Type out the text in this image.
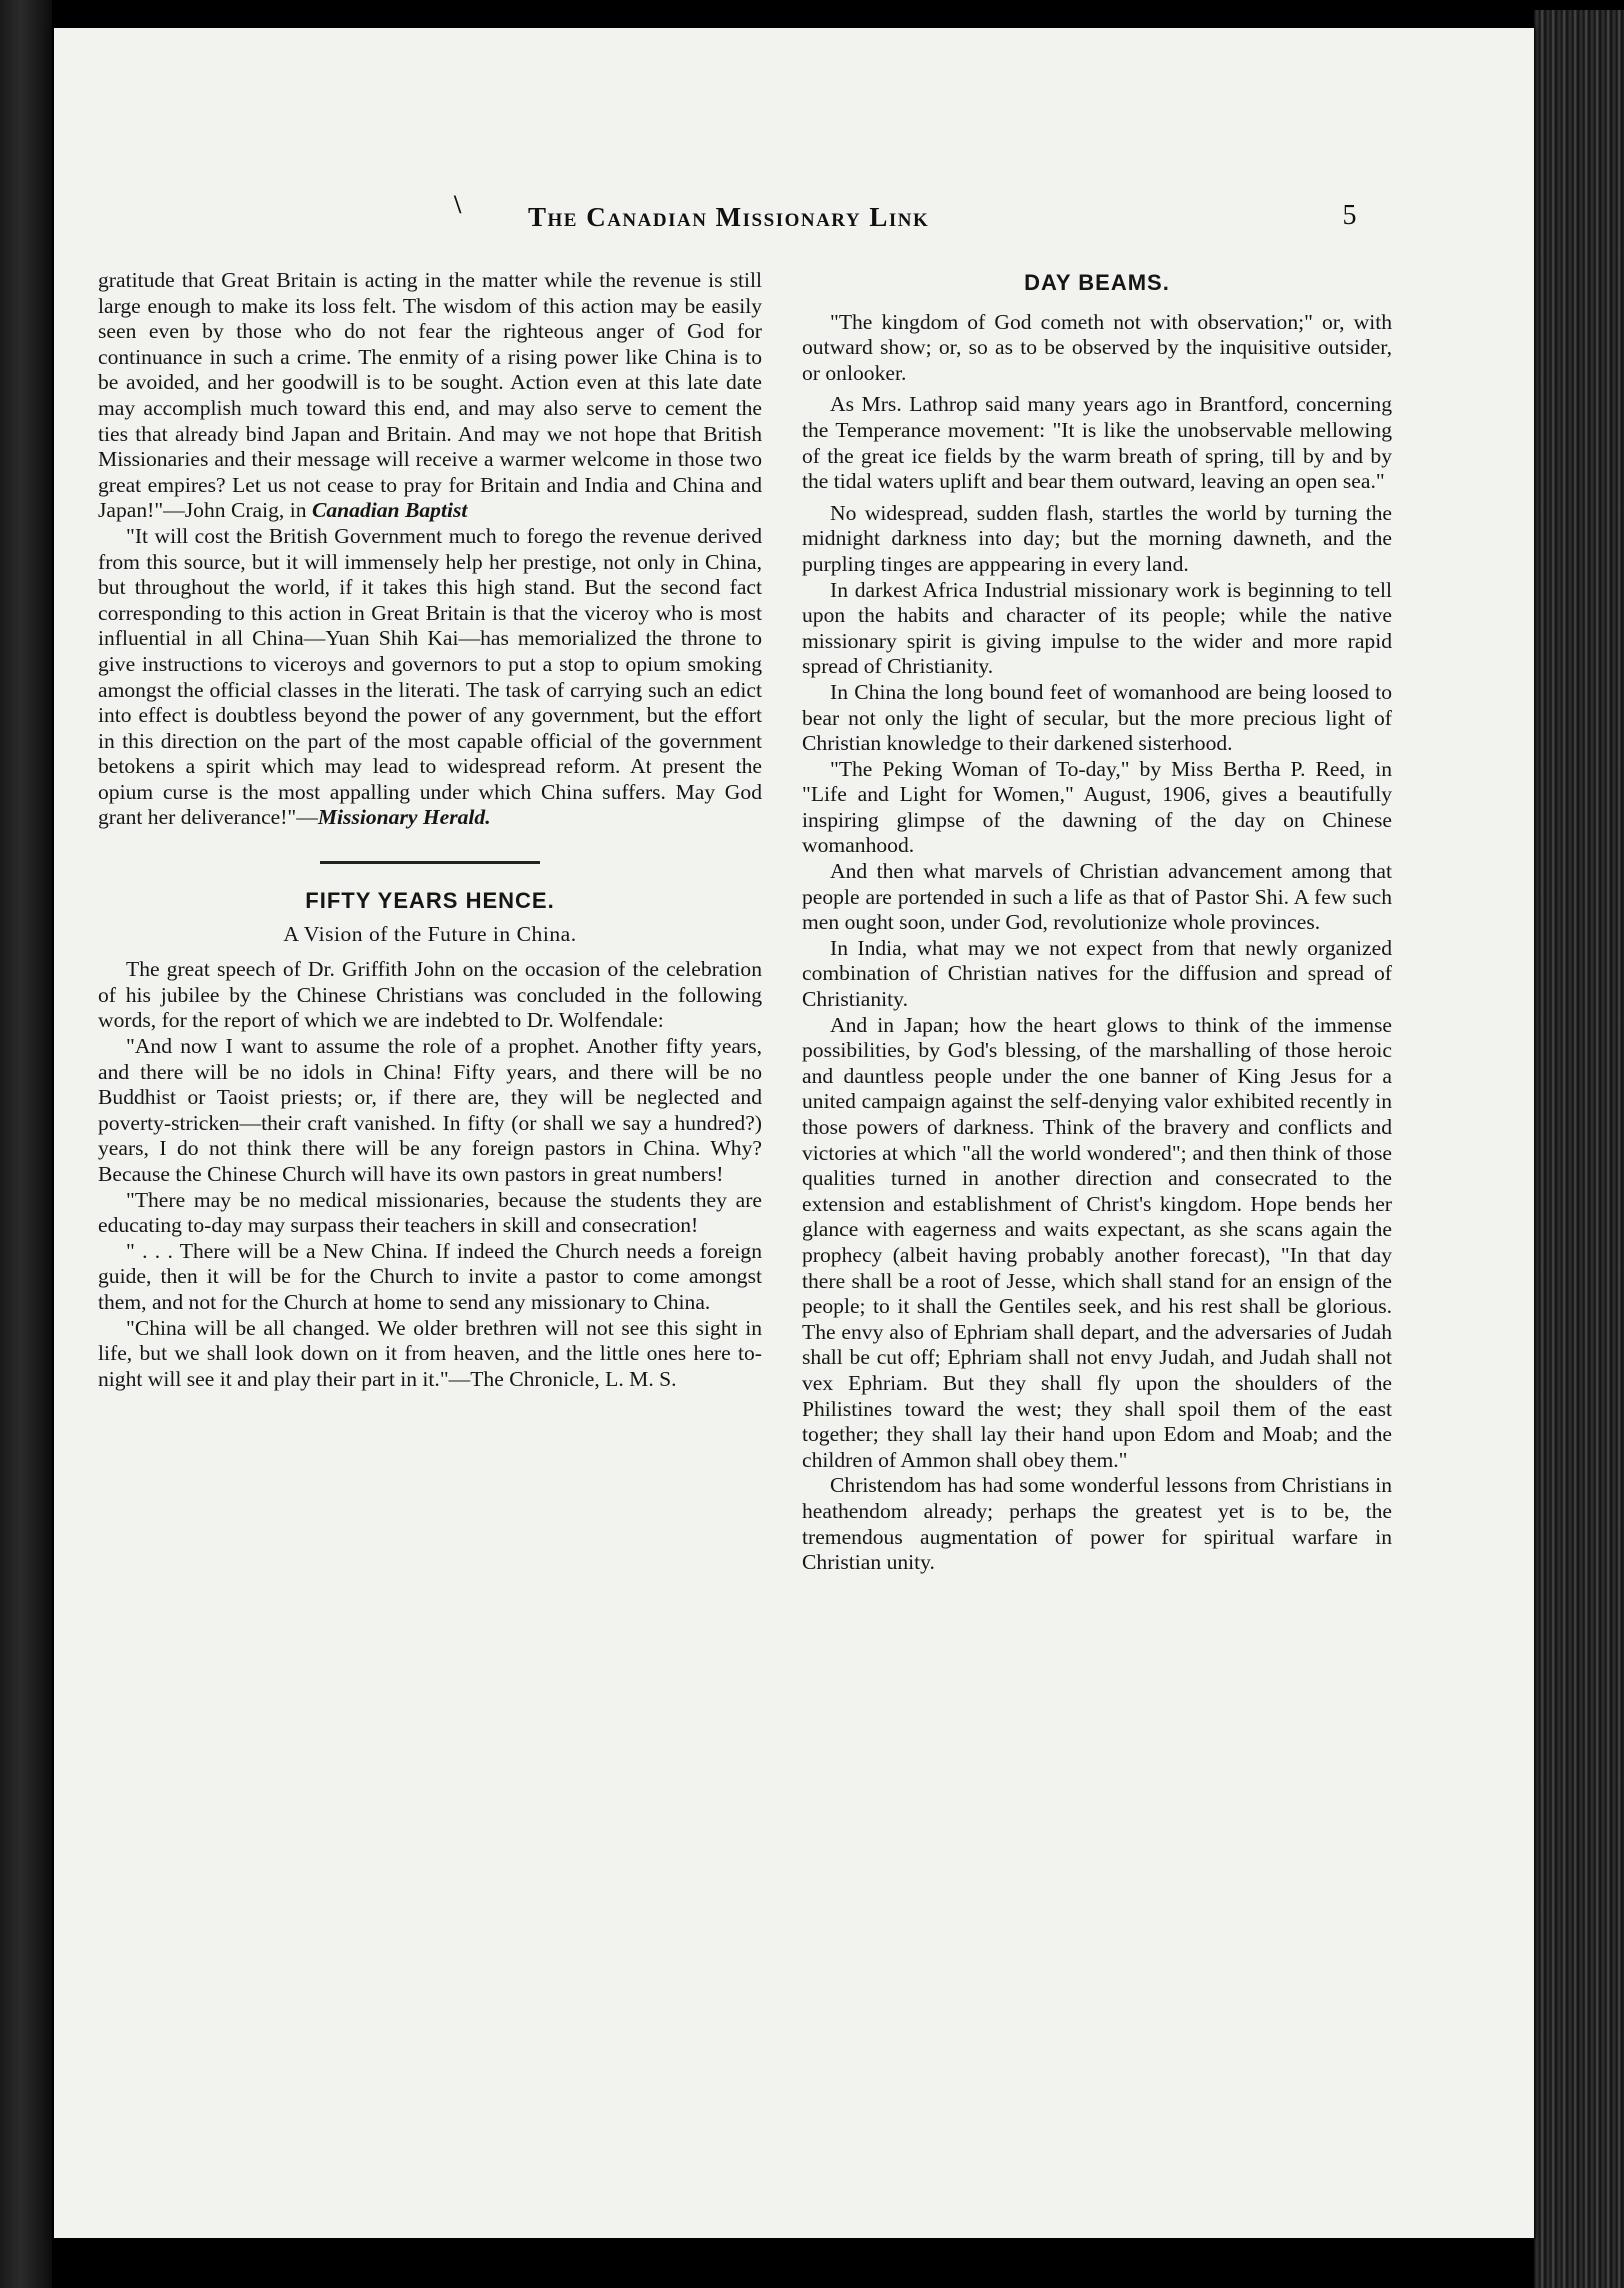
\ The Canadian Missionary Link	5

gratitude that Great Britain is acting in the matter while the revenue is still large enough to make its loss felt. The wisdom of this action may be easily seen even by those who do not fear the righteous anger of God for continuance in such a crime. The enmity of a rising power like China is to be avoided, and her goodwill is to be sought. Action even at this late date may accomplish much toward this end, and may also serve to cement the ties that already bind Japan and Britain. And may we not hope that British Missionaries and their message will receive a warmer welcome in those two great empires? Let us not cease to pray for Britain and India and China and Japan!"—John Craig, in Canadian Baptist

"It will cost the British Government much to forego the revenue derived from this source, but it will immensely help her prestige, not only in China, but throughout the world, if it takes this high stand. But the second fact corresponding to this action in Great Britain is that the viceroy who is most influential in all China—Yuan Shih Kai—has memorialized the throne to give instructions to viceroys and governors to put a stop to opium smoking amongst the official classes in the literati. The task of carrying such an edict into effect is doubtless beyond the power of any government, but the effort in this direction on the part of the most capable official of the government betokens a spirit which may lead to widespread reform. At present the opium curse is the most appalling under which China suffers. May God grant her deliverance!"—Missionary Herald.

FIFTY YEARS HENCE.
A Vision of the Future in China.

The great speech of Dr. Griffith John on the occasion of the celebration of his jubilee by the Chinese Christians was concluded in the following words, for the report of which we are indebted to Dr. Wolfendale:

"And now I want to assume the role of a prophet. Another fifty years, and there will be no idols in China! Fifty years, and there will be no Buddhist or Taoist priests; or, if there are, they will be neglected and poverty-stricken—their craft vanished. In fifty (or shall we say a hundred?) years, I do not think there will be any foreign pastors in China. Why? Because the Chinese Church will have its own pastors in great numbers!

"There may be no medical missionaries, because the students they are educating to-day may surpass their teachers in skill and consecration!

" . . . There will be a New China. If indeed the Church needs a foreign guide, then it will be for the Church to invite a pastor to come amongst them, and not for the Church at home to send any missionary to China.

"China will be all changed. We older brethren will not see this sight in life, but we shall look down on it from heaven, and the little ones here to-night will see it and play their part in it."—The Chronicle, L. M. S.

DAY BEAMS.

"The kingdom of God cometh not with observation;" or, with outward show; or, so as to be observed by the inquisitive outsider, or onlooker.

As Mrs. Lathrop said many years ago in Brantford, concerning the Temperance movement: "It is like the unobservable mellowing of the great ice fields by the warm breath of spring, till by and by the tidal waters uplift and bear them outward, leaving an open sea."

No widespread, sudden flash, startles the world by turning the midnight darkness into day; but the morning dawneth, and the purpling tinges are apppearing in every land.

In darkest Africa Industrial missionary work is beginning to tell upon the habits and character of its people; while the native missionary spirit is giving impulse to the wider and more rapid spread of Christianity.

In China the long bound feet of womanhood are being loosed to bear not only the light of secular, but the more precious light of Christian knowledge to their darkened sisterhood.

"The Peking Woman of To-day," by Miss Bertha P. Reed, in "Life and Light for Women," August, 1906, gives a beautifully inspiring glimpse of the dawning of the day on Chinese womanhood.

And then what marvels of Christian advancement among that people are portended in such a life as that of Pastor Shi. A few such men ought soon, under God, revolutionize whole provinces.

In India, what may we not expect from that newly organized combination of Christian natives for the diffusion and spread of Christianity.

And in Japan; how the heart glows to think of the immense possibilities, by God's blessing, of the marshalling of those heroic and dauntless people under the one banner of King Jesus for a united campaign against the self-denying valor exhibited recently in those powers of darkness. Think of the bravery and conflicts and victories at which "all the world wondered"; and then think of those qualities turned in another direction and consecrated to the extension and establishment of Christ's kingdom. Hope bends her glance with eagerness and waits expectant, as she scans again the prophecy (albeit having probably another forecast), "In that day there shall be a root of Jesse, which shall stand for an ensign of the people; to it shall the Gentiles seek, and his rest shall be glorious. The envy also of Ephriam shall depart, and the adversaries of Judah shall be cut off; Ephriam shall not envy Judah, and Judah shall not vex Ephriam. But they shall fly upon the shoulders of the Philistines toward the west; they shall spoil them of the east together; they shall lay their hand upon Edom and Moab; and the children of Ammon shall obey them."

Christendom has had some wonderful lessons from Christians in heathendom already; perhaps the greatest yet is to be, the tremendous augmentation of power for spiritual warfare in Christian unity.
